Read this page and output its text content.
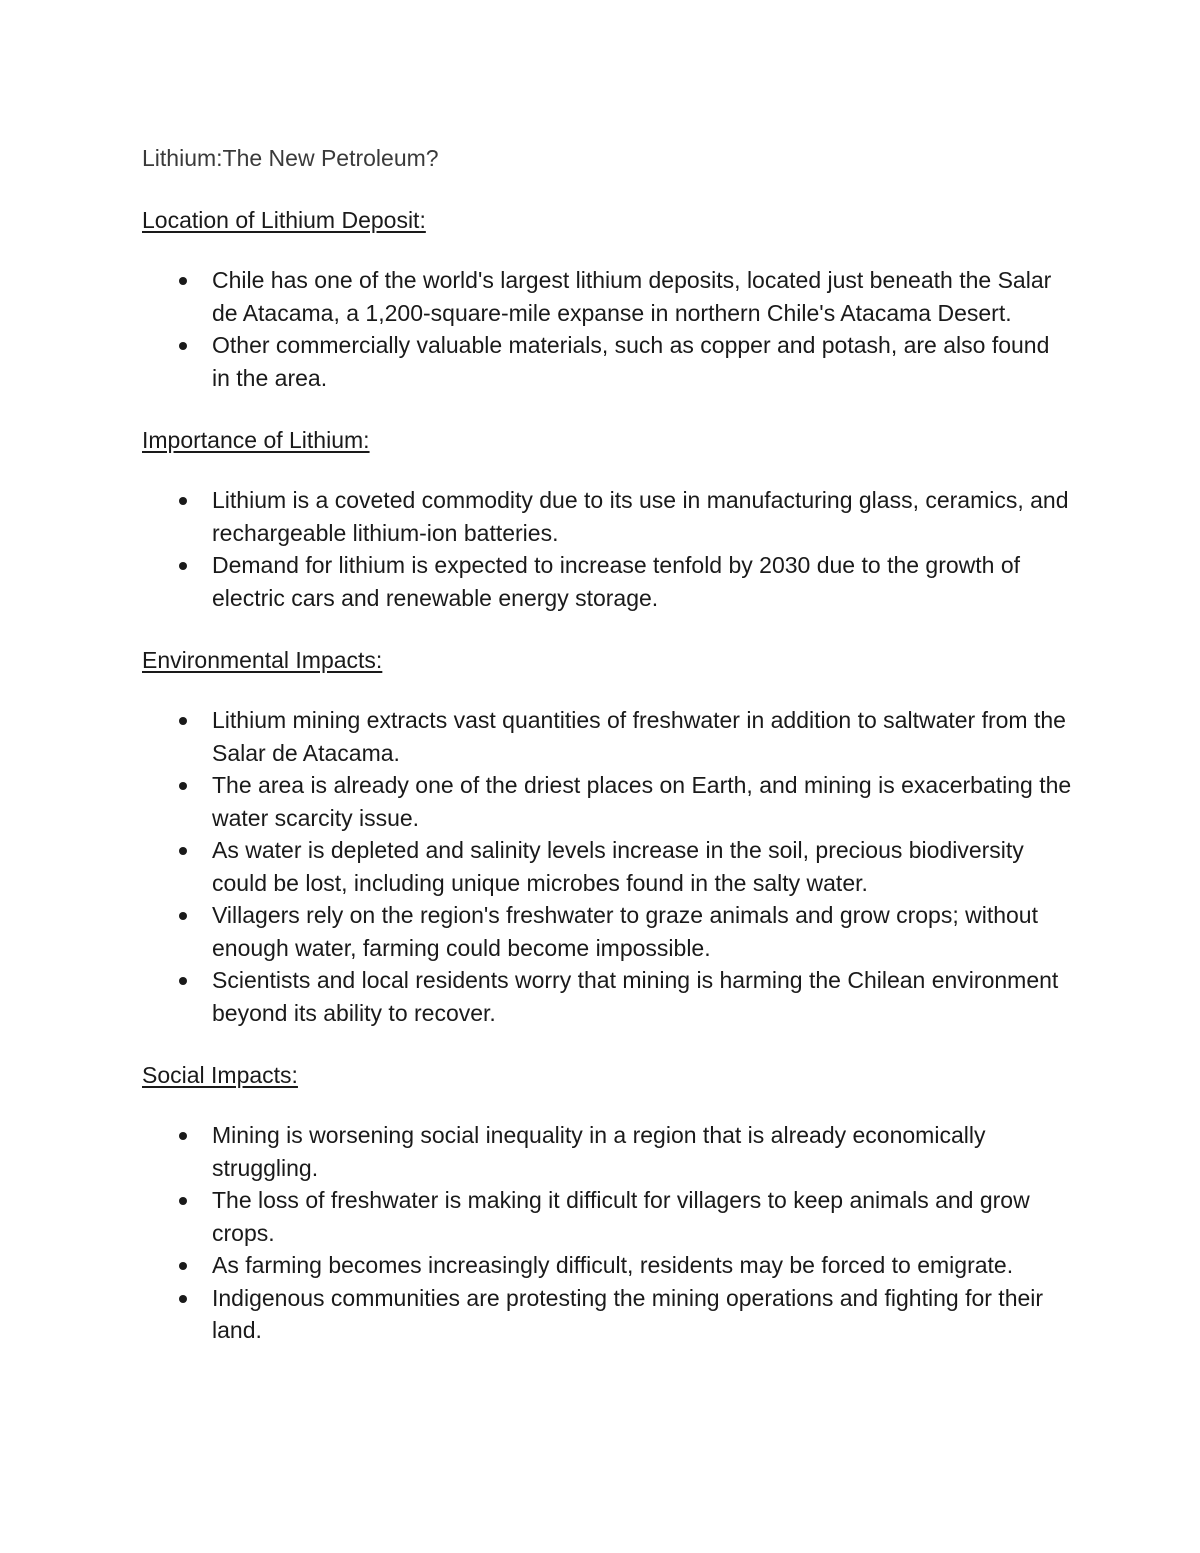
Lithium:The New Petroleum?
Location of Lithium Deposit:
Chile has one of the world's largest lithium deposits, located just beneath the Salar de Atacama, a 1,200-square-mile expanse in northern Chile's Atacama Desert.
Other commercially valuable materials, such as copper and potash, are also found in the area.
Importance of Lithium:
Lithium is a coveted commodity due to its use in manufacturing glass, ceramics, and rechargeable lithium-ion batteries.
Demand for lithium is expected to increase tenfold by 2030 due to the growth of electric cars and renewable energy storage.
Environmental Impacts:
Lithium mining extracts vast quantities of freshwater in addition to saltwater from the Salar de Atacama.
The area is already one of the driest places on Earth, and mining is exacerbating the water scarcity issue.
As water is depleted and salinity levels increase in the soil, precious biodiversity could be lost, including unique microbes found in the salty water.
Villagers rely on the region's freshwater to graze animals and grow crops; without enough water, farming could become impossible.
Scientists and local residents worry that mining is harming the Chilean environment beyond its ability to recover.
Social Impacts:
Mining is worsening social inequality in a region that is already economically struggling.
The loss of freshwater is making it difficult for villagers to keep animals and grow crops.
As farming becomes increasingly difficult, residents may be forced to emigrate.
Indigenous communities are protesting the mining operations and fighting for their land.
